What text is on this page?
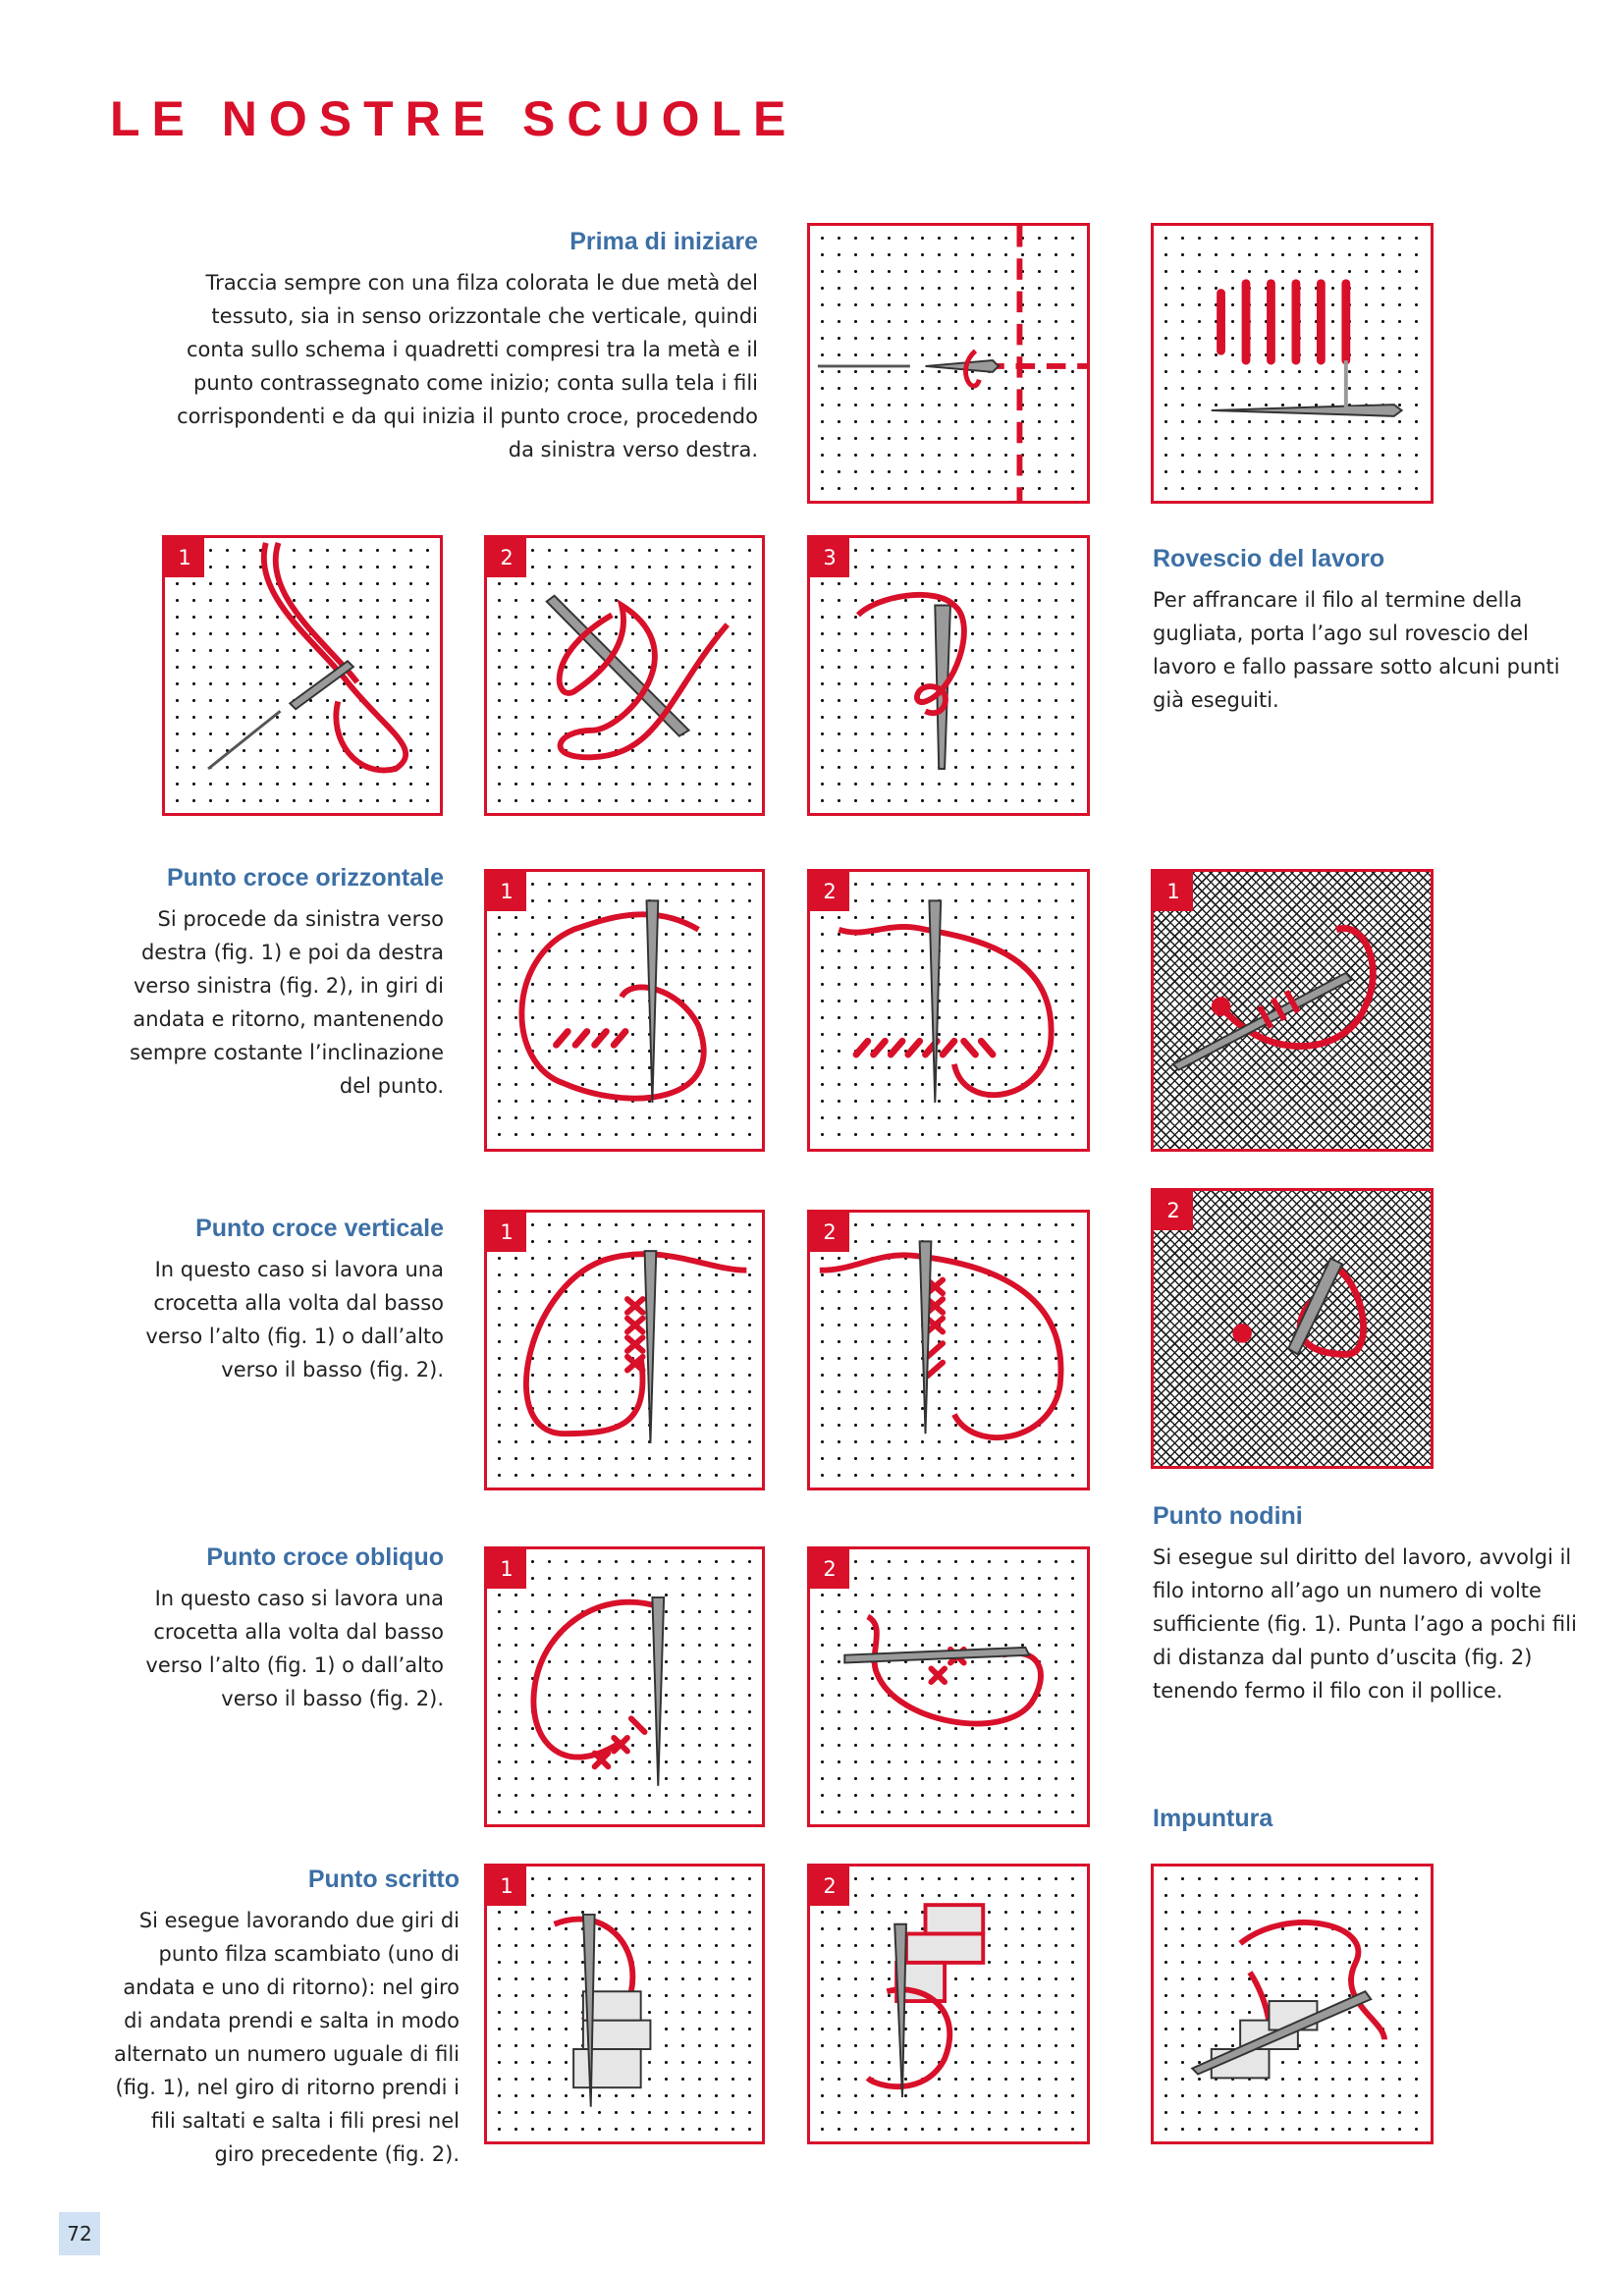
LE NOSTRE SCUOLE
Prima di iniziare

Traccia sempre con una filza colorata le due metà del tessuto, sia in senso orizzontale che verticale, quindi conta sullo schema i quadretti compresi tra la metà e il punto contrassegnato come inizio; conta sulla tela i fili corrispondenti e da qui inizia il punto croce, procedendo da sinistra verso destra.

1	2	3	Rovescio del lavoro

Per affrancare il filo al termine della gugliata, porta l’ago sul rovescio del lavoro e fallo passare sotto alcuni punti già eseguiti.

Punto croce orizzontale

Si procede da sinistra verso destra (fig. 1) e poi da destra verso sinistra (fig. 2), in giri di andata e ritorno, mantenendo sempre costante l’inclinazione del punto.

1	2	1
Punto croce verticale

In questo caso si lavora una crocetta alla volta dal basso verso l’alto (fig. 1) o dall’alto verso il basso (fig. 2).

1	2
2
Punto nodini

Si esegue sul diritto del lavoro, avvolgi il filo intorno all’ago un numero di volte sufficiente (fig. 1). Punta l’ago a pochi fili di distanza dal punto d’uscita (fig. 2) tenendo fermo il filo con il pollice.

Punto croce obliquo

In questo caso si lavora una crocetta alla volta dal basso verso l’alto (fig. 1) o dall’alto verso il basso (fig. 2).

1	2
Impuntura
Punto scritto

Si esegue lavorando due giri di punto filza scambiato (uno di andata e uno di ritorno): nel giro di andata prendi e salta in modo alternato un numero uguale di fili (fig. 1), nel giro di ritorno prendi i fili saltati e salta i fili presi nel giro precedente (fig. 2).

1	2
72
